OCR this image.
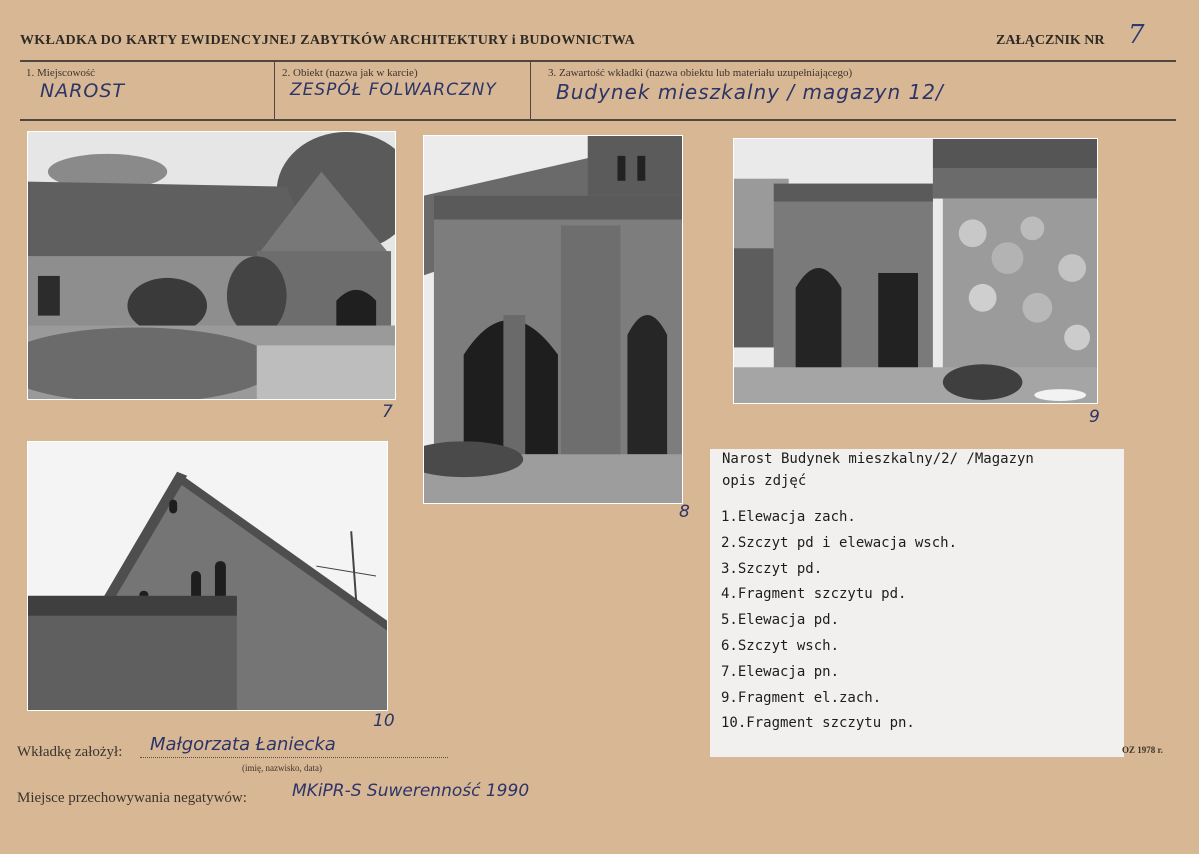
WKŁADKA DO KARTY EWIDENCYJNEJ ZABYTKÓW ARCHITEKTURY i BUDOWNICTWA	ZAŁĄCZNIK NR 7
1. Miejscowość
NAROST
2. Obiekt (nazwa jak w karcie)
ZESPÓŁ FOLWARCZNY
3. Zawartość wkładki (nazwa obiektu lub materiału uzupełniającego)
Budynek mieszkalny / magazyn 12/
7
8
9
10
Narost Budynek mieszkalny/2/ /Magazyn
opis zdjęć
1.Elewacja zach.
2.Szczyt pd i elewacja wsch.
3.Szczyt pd.
4.Fragment szczytu pd.
5.Elewacja pd.
6.Szczyt wsch.
7.Elewacja pn.
9.Fragment el.zach.
10.Fragment szczytu pn.
OZ 1978 r.
Wkładkę założył: Małgorzata Łaniecka
(imię, nazwisko, data)
Miejsce przechowywania negatywów:	MKiPR-S Suwerenność 1990
